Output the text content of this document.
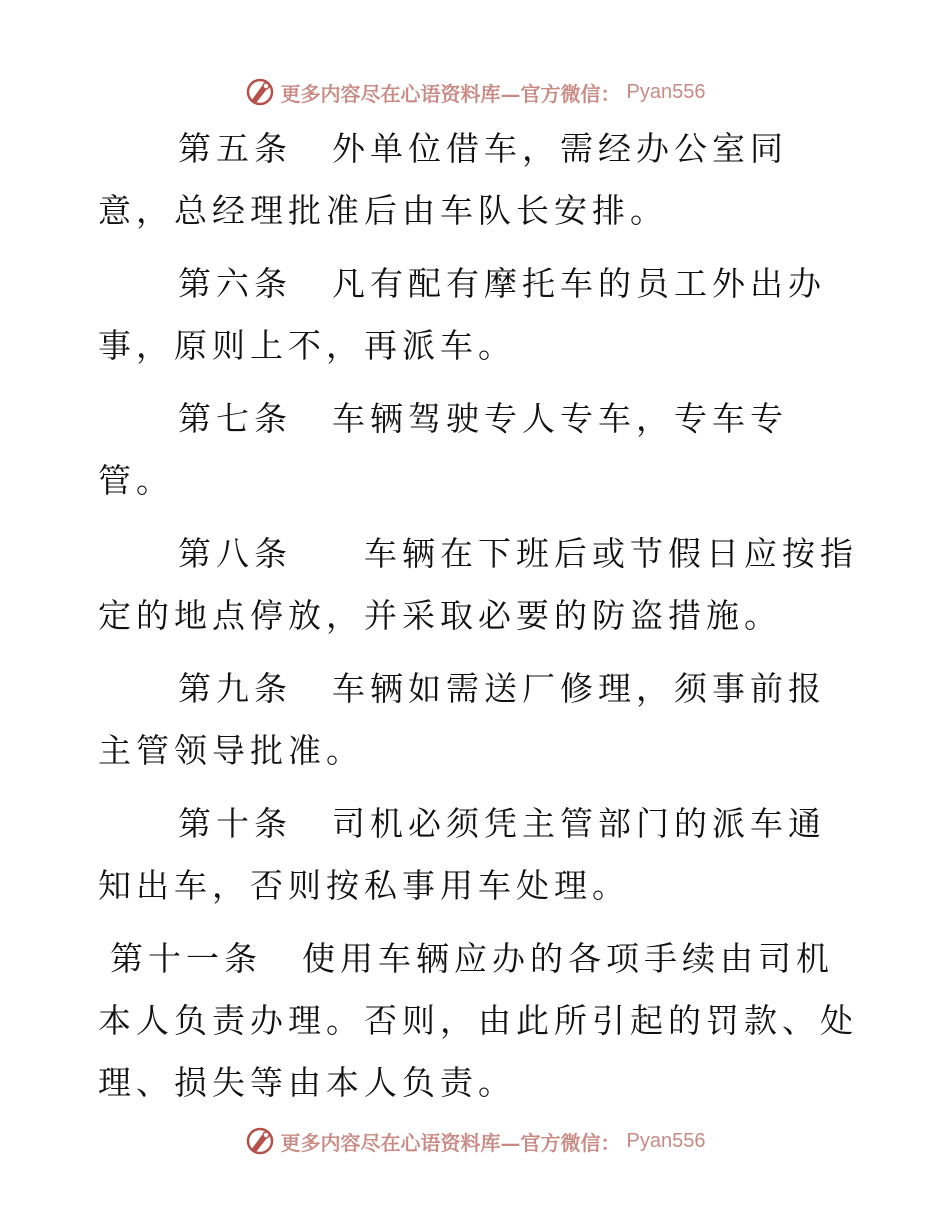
更多内容尽在心语资料库—官方微信： Pyan556

第五条 外单位借车，需经办公室同意，总经理批准后由车队长安排。

第六条 凡有配有摩托车的员工外出办事，原则上不，再派车。

第七条 车辆驾驶专人专车，专车专管。

第八条 车辆在下班后或节假日应按指定的地点停放，并采取必要的防盗措施。

第九条 车辆如需送厂修理，须事前报主管领导批准。

第十条 司机必须凭主管部门的派车通知出车，否则按私事用车处理。

第十一条 使用车辆应办的各项手续由司机本人负责办理。否则，由此所引起的罚款、处理、损失等由本人负责。

更多内容尽在心语资料库—官方微信： Pyan556
